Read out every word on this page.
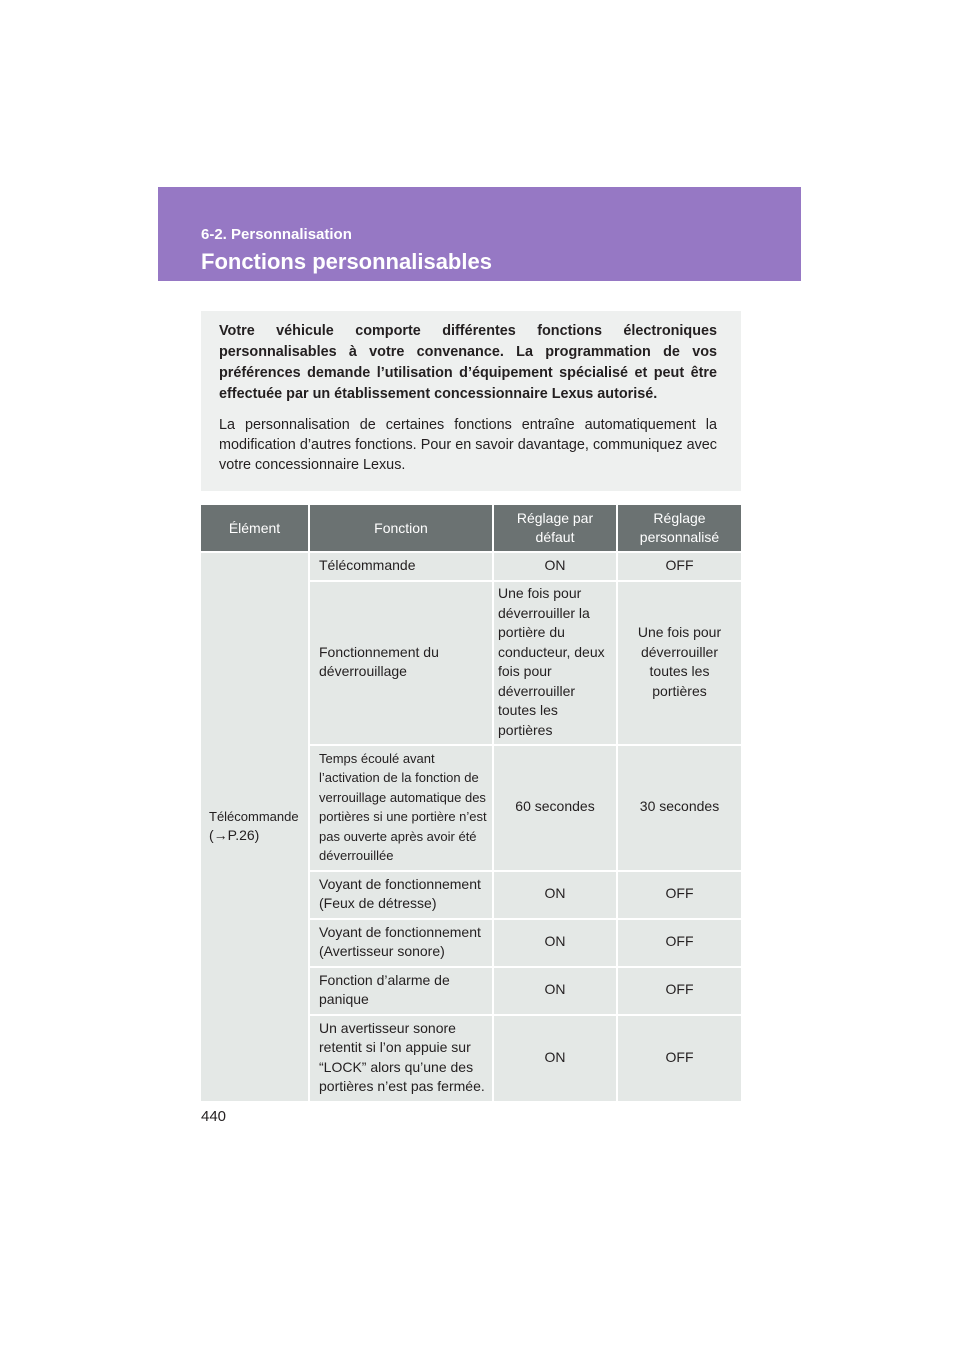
6-2. Personnalisation
Fonctions personnalisables

Votre véhicule comporte différentes fonctions électroniques personnalisables à votre convenance. La programmation de vos préférences demande l’utilisation d’équipement spécialisé et peut être effectuée par un établissement concessionnaire Lexus autorisé.

La personnalisation de certaines fonctions entraîne automatiquement la modification d’autres fonctions. Pour en savoir davantage, communiquez avec votre concessionnaire Lexus.

Élément	Fonction	Réglage par défaut	Réglage personnalisé
Télécommande
(→P.26)	Télécommande	ON	OFF
	Fonctionnement du déverrouillage	Une fois pour déverrouiller la portière du conducteur, deux fois pour déverrouiller toutes les portières	Une fois pour déverrouiller toutes les portières
	Temps écoulé avant l’activation de la fonction de verrouillage automatique des portières si une portière n’est pas ouverte après avoir été déverrouillée	60 secondes	30 secondes
	Voyant de fonctionnement (Feux de détresse)	ON	OFF
	Voyant de fonctionnement (Avertisseur sonore)	ON	OFF
	Fonction d’alarme de panique	ON	OFF
	Un avertisseur sonore retentit si l’on appuie sur “LOCK” alors qu’une des portières n’est pas fermée.	ON	OFF
440
